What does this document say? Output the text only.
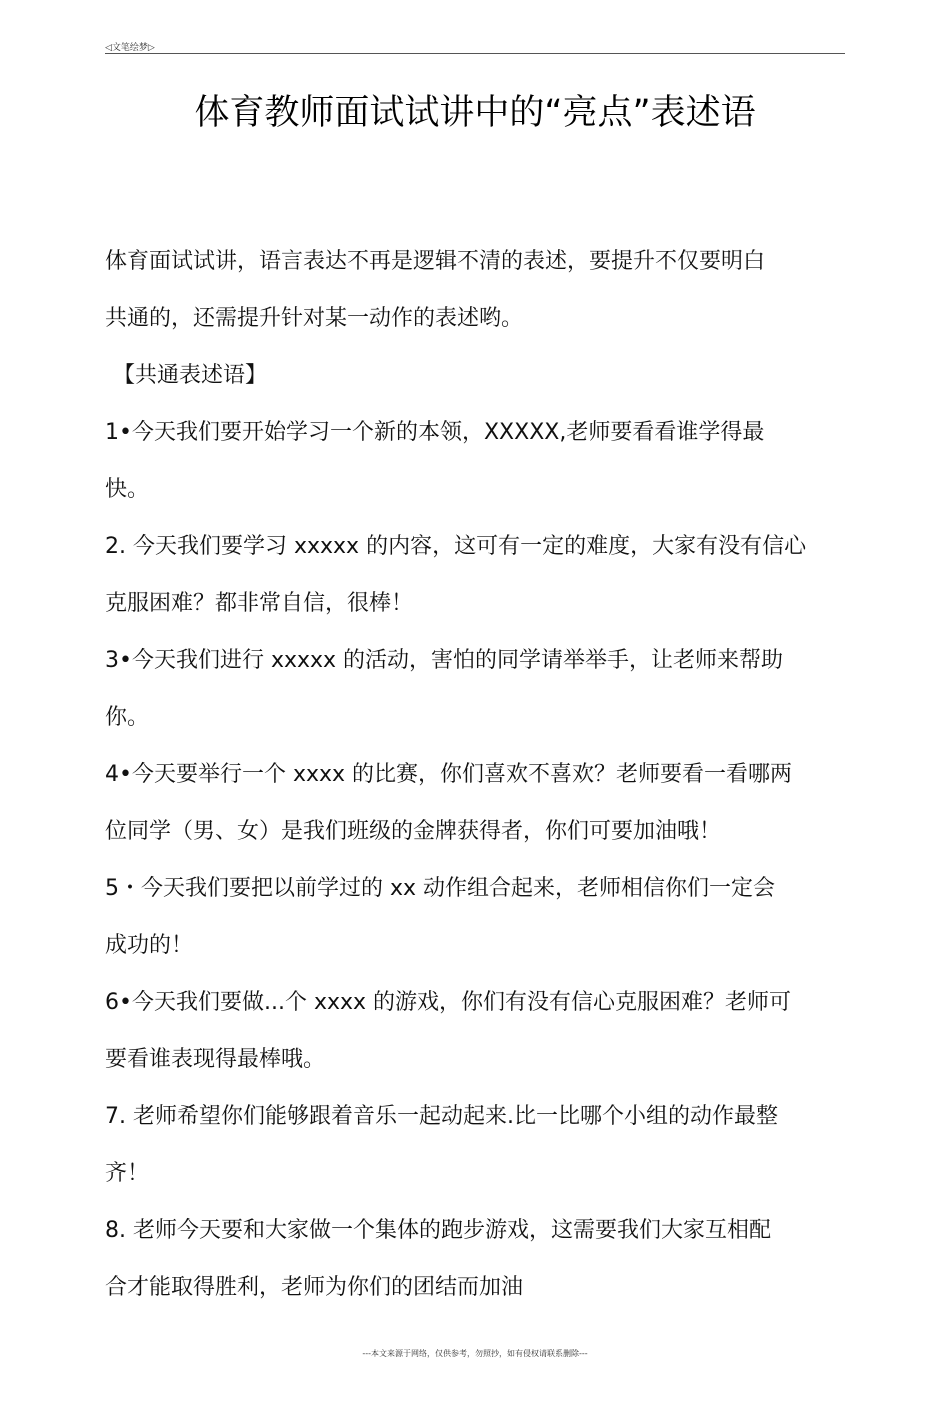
◁文笔绘梦▷
体育教师面试试讲中的“亮点”表述语

体育面试试讲，语言表达不再是逻辑不清的表述，要提升不仅要明白
共通的，还需提升针对某一动作的表述哟。

【共通表述语】

1•今天我们要开始学习一个新的本领，XXXXX,老师要看看谁学得最
快。

2. 今天我们要学习 xxxxx 的内容，这可有一定的难度，大家有没有信心
克服困难？都非常自信，很棒！

3•今天我们进行 xxxxx 的活动，害怕的同学请举举手，让老师来帮助
你。

4•今天要举行一个 xxxx 的比赛，你们喜欢不喜欢？老师要看一看哪两
位同学（男、女）是我们班级的金牌获得者，你们可要加油哦！

5・今天我们要把以前学过的 xx 动作组合起来，老师相信你们一定会
成功的！

6•今天我们要做...个 xxxx 的游戏，你们有没有信心克服困难？老师可
要看谁表现得最棒哦。

7. 老师希望你们能够跟着音乐一起动起来.比一比哪个小组的动作最整
齐！

8. 老师今天要和大家做一个集体的跑步游戏，这需要我们大家互相配
合才能取得胜利，老师为你们的团结而加油

---本文来源于网络，仅供参考，勿照抄，如有侵权请联系删除---
